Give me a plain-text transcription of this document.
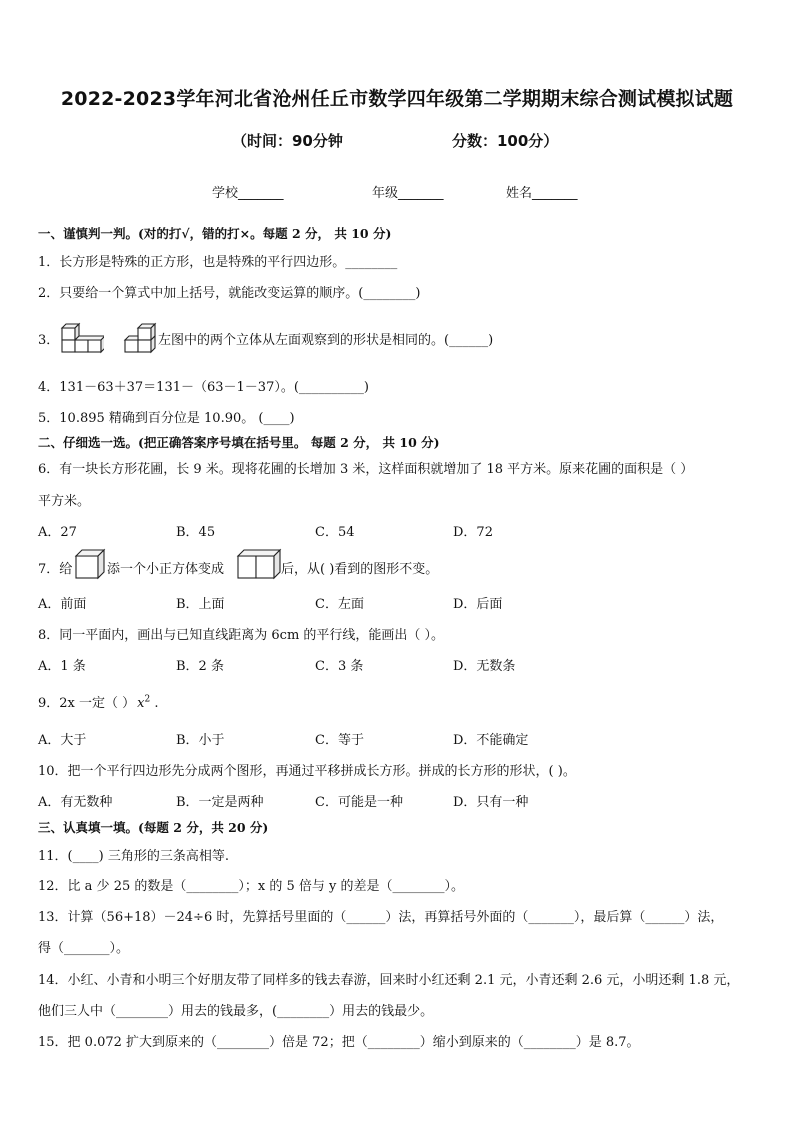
2022-2023学年河北省沧州任丘市数学四年级第二学期期末综合测试模拟试题
（时间：90分钟	分数：100分）
学校_______	年级_______	姓名_______
一、谨慎判一判。(对的打√，错的打×。每题 2 分， 共 10 分)
1．长方形是特殊的正方形，也是特殊的平行四边形。________
2．只要给一个算式中加上括号，就能改变运算的顺序。(________)
3．	左图中的两个立体从左面观察到的形状是相同的。(______)
4．131－63＋37＝131－（63－1－37）。(__________)
5．10.895 精确到百分位是 10.90。 (____)
二、仔细选一选。(把正确答案序号填在括号里。 每题 2 分， 共 10 分)
6．有一块长方形花圃，长 9 米。现将花圃的长增加 3 米，这样面积就增加了 18 平方米。原来花圃的面积是（ ）
平方米。
A．27	B．45	C．54	D．72
7．给	添一个小正方体变成	后，从( )看到的图形不变。
A．前面	B．上面	C．左面	D．后面
8．同一平面内，画出与已知直线距离为 6cm 的平行线，能画出（ ）。
A．1 条	B．2 条	C．3 条	D．无数条
9．2x 一定（ ） $x^2$ .
A．大于	B．小于	C．等于	D．不能确定
10．把一个平行四边形先分成两个图形，再通过平移拼成长方形。拼成的长方形的形状，( )。
A．有无数种	B．一定是两种	C．可能是一种	D．只有一种
三、认真填一填。(每题 2 分，共 20 分)
11．(____) 三角形的三条高相等.
12．比 a 少 25 的数是（________）；x 的 5 倍与 y 的差是（________）。
13．计算（56+18）－24÷6 时，先算括号里面的（______）法，再算括号外面的（_______），最后算（______）法，
得（_______）。
14．小红、小青和小明三个好朋友带了同样多的钱去春游，回来时小红还剩 2.1 元，小青还剩 2.6 元，小明还剩 1.8 元，
他们三人中（________）用去的钱最多，(________）用去的钱最少。
15．把 0.072 扩大到原来的（________）倍是 72；把（________）缩小到原来的（________）是 8.7。
